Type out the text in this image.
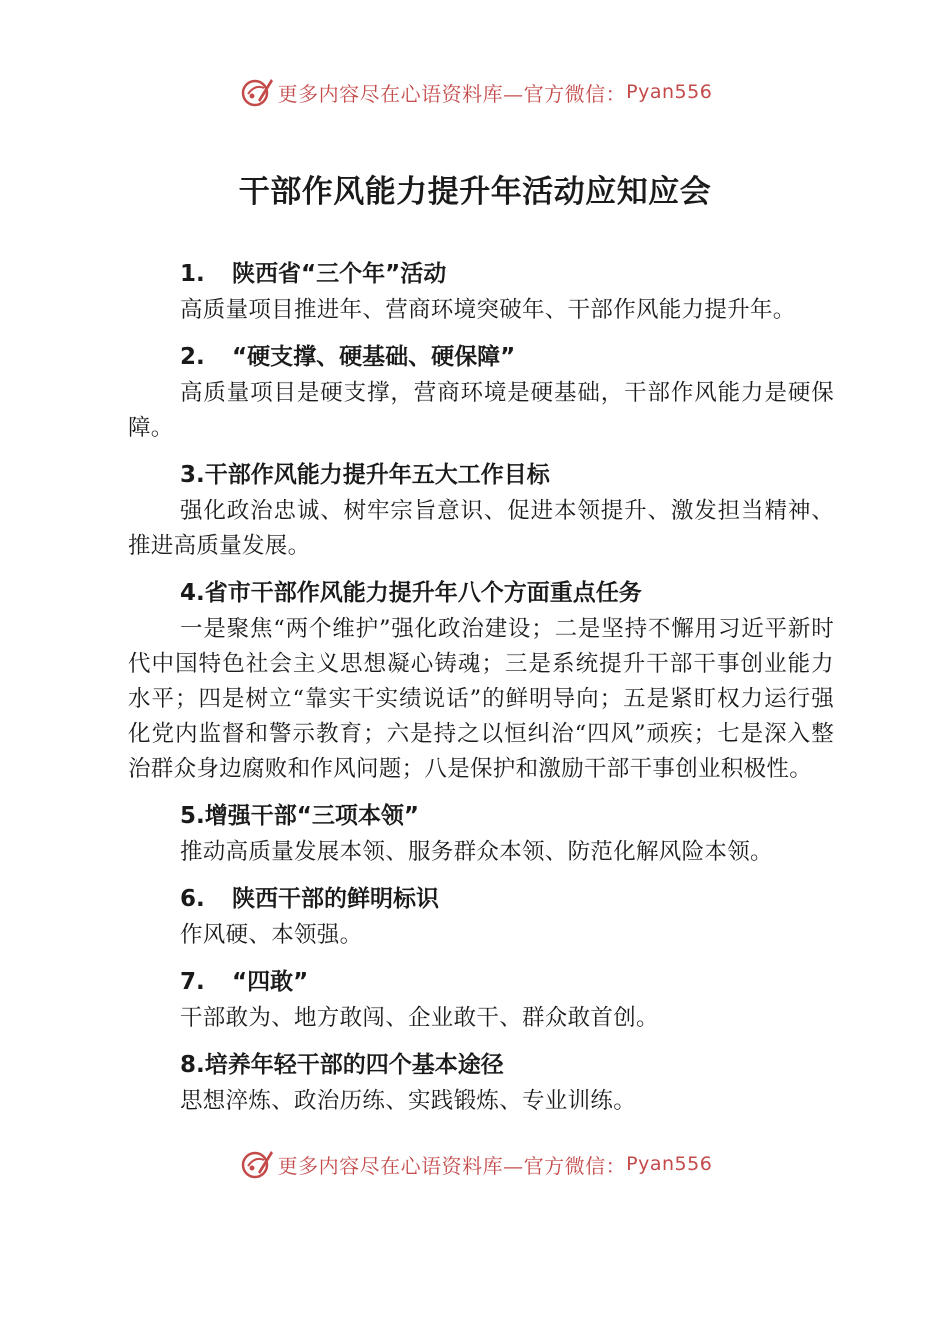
更多内容尽在心语资料库—官方微信： Pyan556
干部作风能力提升年活动应知应会
1. 陕西省“三个年”活动

高质量项目推进年、营商环境突破年、干部作风能力提升年。

2. “硬支撑、硬基础、硬保障”

高质量项目是硬支撑，营商环境是硬基础，干部作风能力是硬保障。

3.干部作风能力提升年五大工作目标

强化政治忠诚、树牢宗旨意识、促进本领提升、激发担当精神、推进高质量发展。

4.省市干部作风能力提升年八个方面重点任务

一是聚焦“两个维护”强化政治建设；二是坚持不懈用习近平新时代中国特色社会主义思想凝心铸魂；三是系统提升干部干事创业能力水平；四是树立“靠实干实绩说话”的鲜明导向；五是紧盯权力运行强化党内监督和警示教育；六是持之以恒纠治“四风”顽疾；七是深入整治群众身边腐败和作风问题；八是保护和激励干部干事创业积极性。

5.增强干部“三项本领”

推动高质量发展本领、服务群众本领、防范化解风险本领。

6. 陕西干部的鲜明标识

作风硬、本领强。

7. “四敢”

干部敢为、地方敢闯、企业敢干、群众敢首创。

8.培养年轻干部的四个基本途径

思想淬炼、政治历练、实践锻炼、专业训练。

更多内容尽在心语资料库—官方微信： Pyan556
